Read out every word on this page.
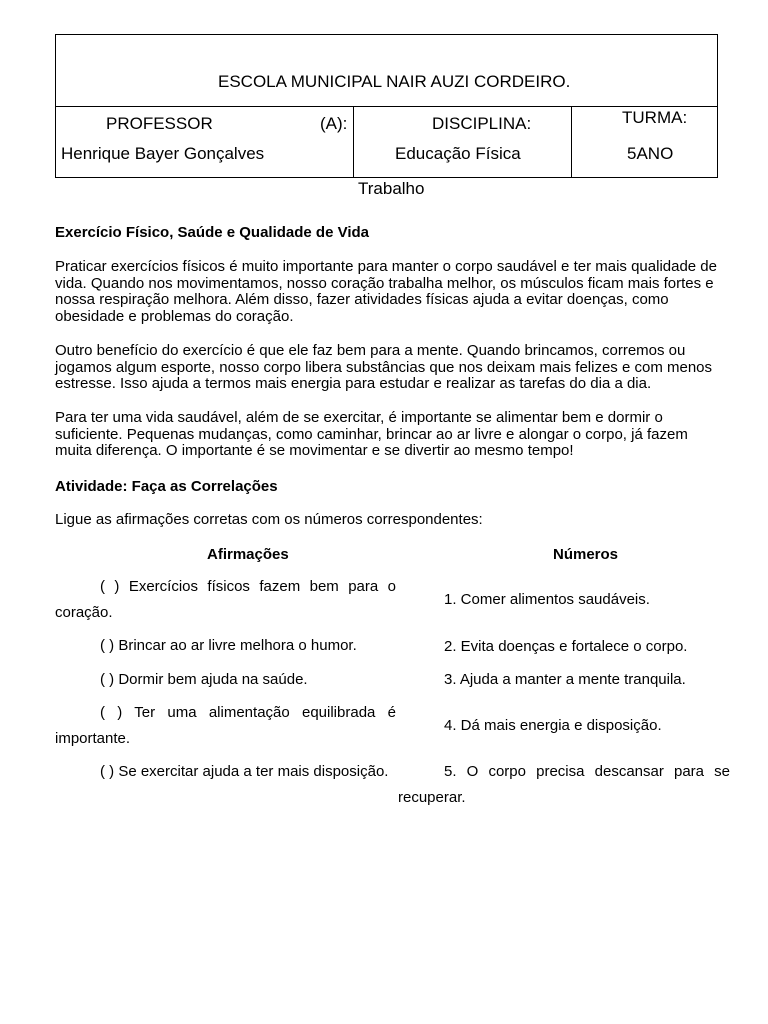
ESCOLA MUNICIPAL NAIR AUZI CORDEIRO.
PROFESSOR	(A):
Henrique Bayer Gonçalves
DISCIPLINA:
Educação Física
TURMA:
5ANO
Trabalho
Exercício Físico, Saúde e Qualidade de Vida
Praticar exercícios físicos é muito importante para manter o corpo saudável e ter mais qualidade de vida. Quando nos movimentamos, nosso coração trabalha melhor, os músculos ficam mais fortes e nossa respiração melhora. Além disso, fazer atividades físicas ajuda a evitar doenças, como obesidade e problemas do coração.
Outro benefício do exercício é que ele faz bem para a mente. Quando brincamos, corremos ou jogamos algum esporte, nosso corpo libera substâncias que nos deixam mais felizes e com menos estresse. Isso ajuda a termos mais energia para estudar e realizar as tarefas do dia a dia.
Para ter uma vida saudável, além de se exercitar, é importante se alimentar bem e dormir o suficiente. Pequenas mudanças, como caminhar, brincar ao ar livre e alongar o corpo, já fazem muita diferença. O importante é se movimentar e se divertir ao mesmo tempo!
Atividade: Faça as Correlações
Ligue as afirmações corretas com os números correspondentes:
Afirmações	Números
( ) Exercícios físicos fazem bem para o coração.
( ) Brincar ao ar livre melhora o humor.
( ) Dormir bem ajuda na saúde.
( ) Ter uma alimentação equilibrada é importante.
( ) Se exercitar ajuda a ter mais disposição.
1. Comer alimentos saudáveis.
2. Evita doenças e fortalece o corpo.
3. Ajuda a manter a mente tranquila.
4. Dá mais energia e disposição.
5. O corpo precisa descansar para se recuperar.
